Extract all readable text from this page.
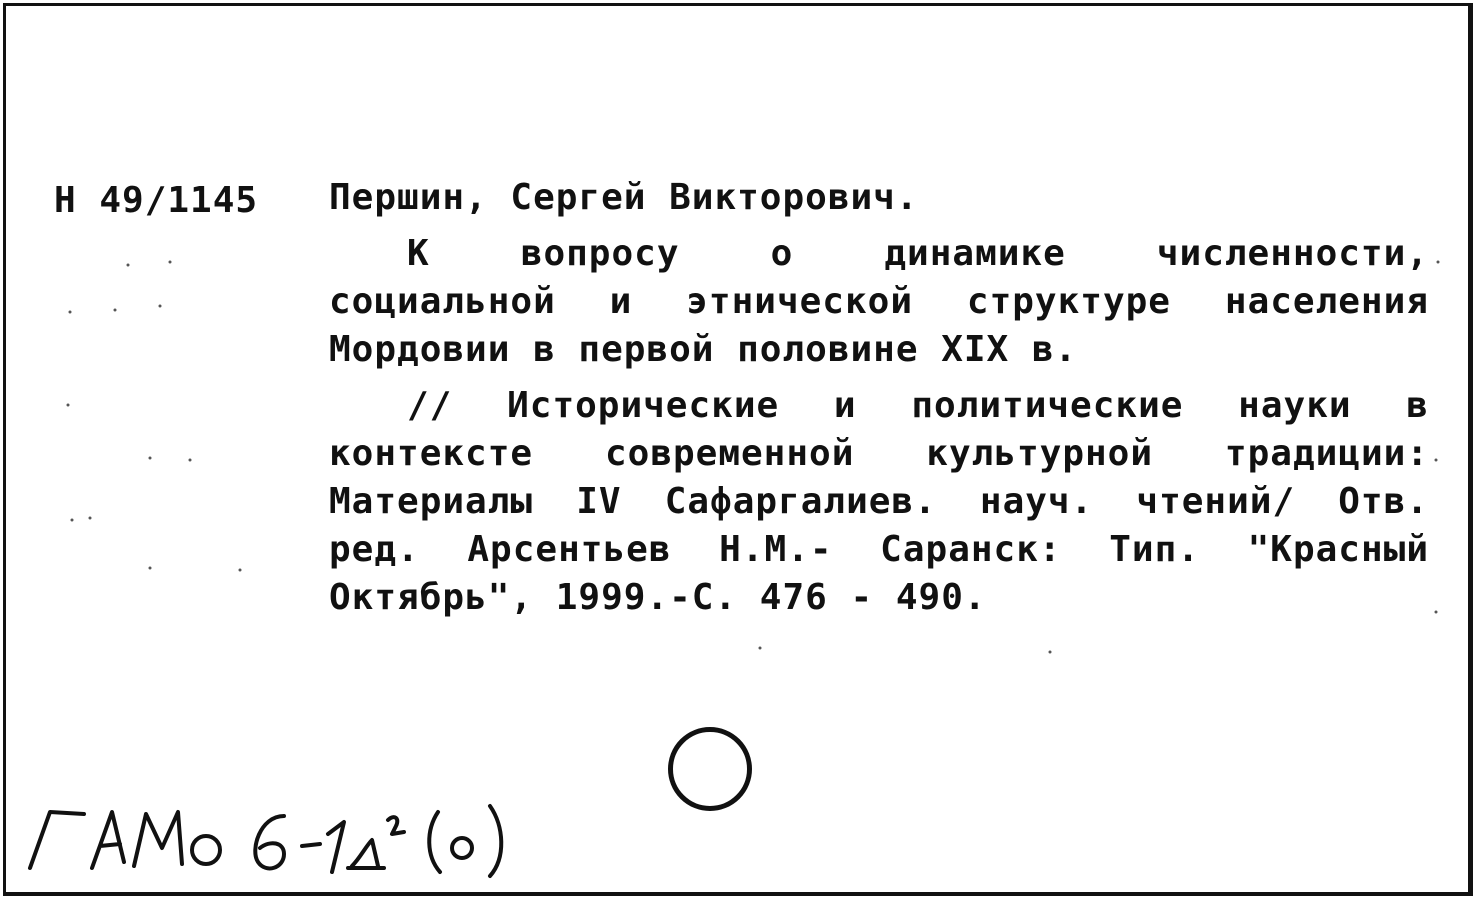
Н 49/1145 Першин, Сергей Викторович.
К	вопросу	о	динамике	численности,
социальной и этнической структуре населения
Мордовии в первой половине XIX в.
// Исторические и политические науки в
контексте современной культурной традиции:
Материалы IV Сафаргалиев. науч. чтений/ Отв.
ред. Арсентьев Н.М.- Саранск: Тип. "Красный
Октябрь", 1999.-С. 476 - 490.
